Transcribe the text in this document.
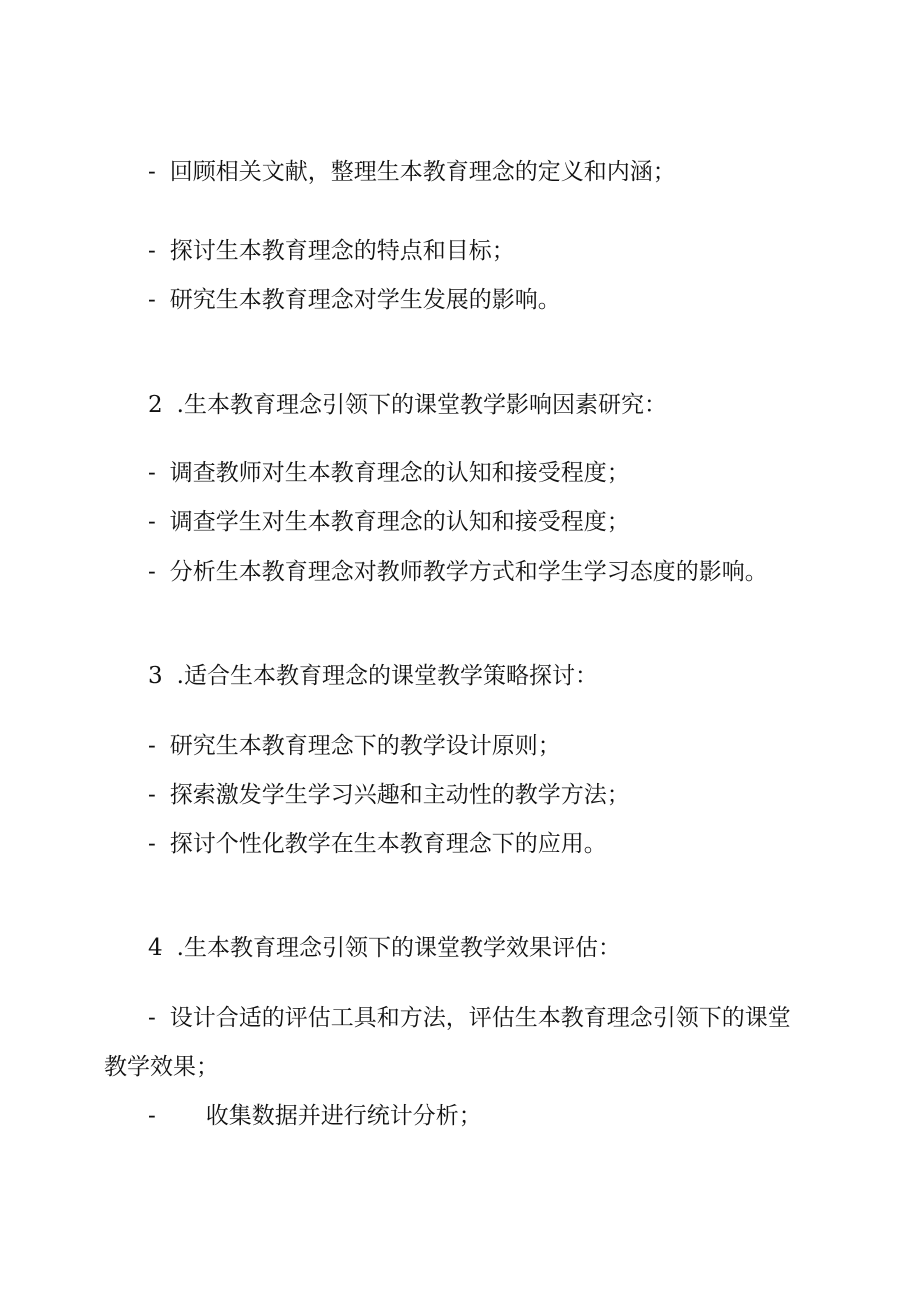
- 回顾相关文献，整理生本教育理念的定义和内涵；
- 探讨生本教育理念的特点和目标；
- 研究生本教育理念对学生发展的影响。
2 .生本教育理念引领下的课堂教学影响因素研究：
- 调查教师对生本教育理念的认知和接受程度；
- 调查学生对生本教育理念的认知和接受程度；
- 分析生本教育理念对教师教学方式和学生学习态度的影响。
3 .适合生本教育理念的课堂教学策略探讨：
- 研究生本教育理念下的教学设计原则；
- 探索激发学生学习兴趣和主动性的教学方法；
- 探讨个性化教学在生本教育理念下的应用。
4 .生本教育理念引领下的课堂教学效果评估：
- 设计合适的评估工具和方法，评估生本教育理念引领下的课堂
教学效果；
- 收集数据并进行统计分析；
